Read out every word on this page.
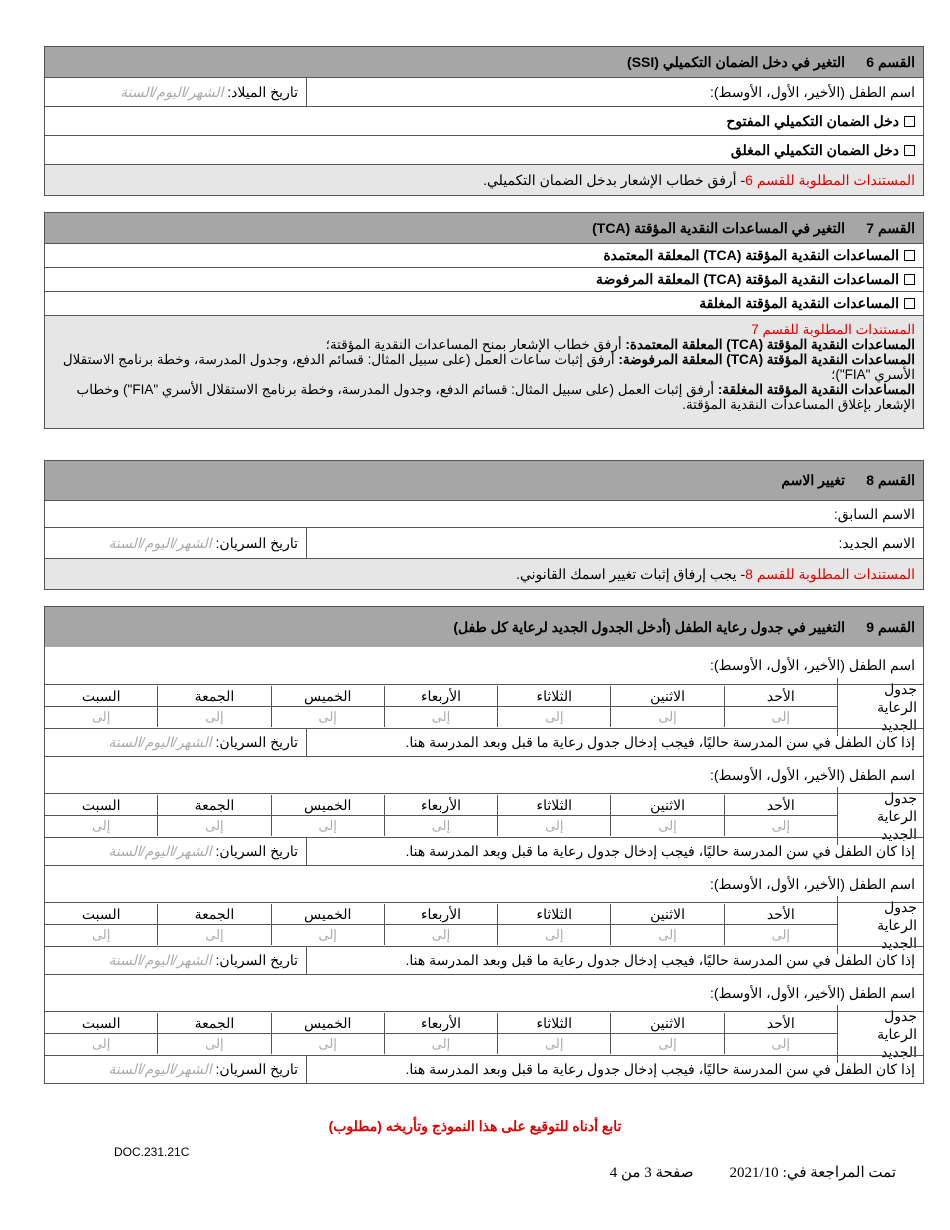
القسم 6
التغير في دخل الضمان التكميلي (SSI)
اسم الطفل (الأخير، الأول، الأوسط):
تاريخ الميلاد:

الشهر/اليوم/السنة
دخل الضمان التكميلي المفتوح
دخل الضمان التكميلي المغلق
المستندات المطلوبة للقسم

6
- أرفق خطاب الإشعار بدخل الضمان التكميلي.
القسم 7
التغير في المساعدات النقدية المؤقتة (TCA)
المساعدات النقدية المؤقتة (TCA) المعلقة المعتمدة
المساعدات النقدية المؤقتة (TCA) المعلقة المرفوضة
المساعدات النقدية المؤقتة المغلقة
المستندات المطلوبة للقسم 7
المساعدات النقدية المؤقتة (TCA) المعلقة المعتمدة: أرفق خطاب الإشعار بمنح المساعدات النقدية المؤقتة؛
المساعدات النقدية المؤقتة (TCA) المعلقة المرفوضة: أرفق إثبات ساعات العمل (على سبيل المثال: قسائم الدفع، وجدول المدرسة، وخطة برنامج الاستقلال الأسري "FIA")؛
المساعدات النقدية المؤقتة المغلقة: أرفق إثبات العمل (على سبيل المثال: قسائم الدفع، وجدول المدرسة، وخطة برنامج الاستقلال الأسري "FIA") وخطاب الإشعار بإغلاق المساعدات النقدية المؤقتة.
القسم 8
تغيير الاسم
الاسم السابق:
الاسم الجديد:
تاريخ السريان:

الشهر/اليوم/السنة
المستندات المطلوبة للقسم

8
- يجب إرفاق إثبات تغيير اسمك القانوني.
القسم 9
التغيير في جدول رعاية الطفل (أدخل الجدول الجديد لرعاية كل طفل)
اسم الطفل (الأخير، الأول، الأوسط):
جدول الرعاية الجديد
الأحد
إلى
الاثنين
إلى
الثلاثاء
إلى
الأربعاء
إلى
الخميس
إلى
الجمعة
إلى
السبت
إلى
إذا كان الطفل في سن المدرسة حاليًا، فيجب إدخال جدول رعاية ما قبل وبعد المدرسة هنا.
تاريخ السريان:

الشهر/اليوم/السنة
اسم الطفل (الأخير، الأول، الأوسط):
جدول الرعاية الجديد
الأحد
إلى
الاثنين
إلى
الثلاثاء
إلى
الأربعاء
إلى
الخميس
إلى
الجمعة
إلى
السبت
إلى
إذا كان الطفل في سن المدرسة حاليًا، فيجب إدخال جدول رعاية ما قبل وبعد المدرسة هنا.
تاريخ السريان:

الشهر/اليوم/السنة
اسم الطفل (الأخير، الأول، الأوسط):
جدول الرعاية الجديد
الأحد
إلى
الاثنين
إلى
الثلاثاء
إلى
الأربعاء
إلى
الخميس
إلى
الجمعة
إلى
السبت
إلى
إذا كان الطفل في سن المدرسة حاليًا، فيجب إدخال جدول رعاية ما قبل وبعد المدرسة هنا.
تاريخ السريان:

الشهر/اليوم/السنة
اسم الطفل (الأخير، الأول، الأوسط):
جدول الرعاية الجديد
الأحد
إلى
الاثنين
إلى
الثلاثاء
إلى
الأربعاء
إلى
الخميس
إلى
الجمعة
إلى
السبت
إلى
إذا كان الطفل في سن المدرسة حاليًا، فيجب إدخال جدول رعاية ما قبل وبعد المدرسة هنا.
تاريخ السريان:

الشهر/اليوم/السنة
تابع أدناه للتوقيع على هذا النموذج وتأريخه (مطلوب)
DOC.231.21C
تمت المراجعة في:2021/10صفحة 3 من 4
